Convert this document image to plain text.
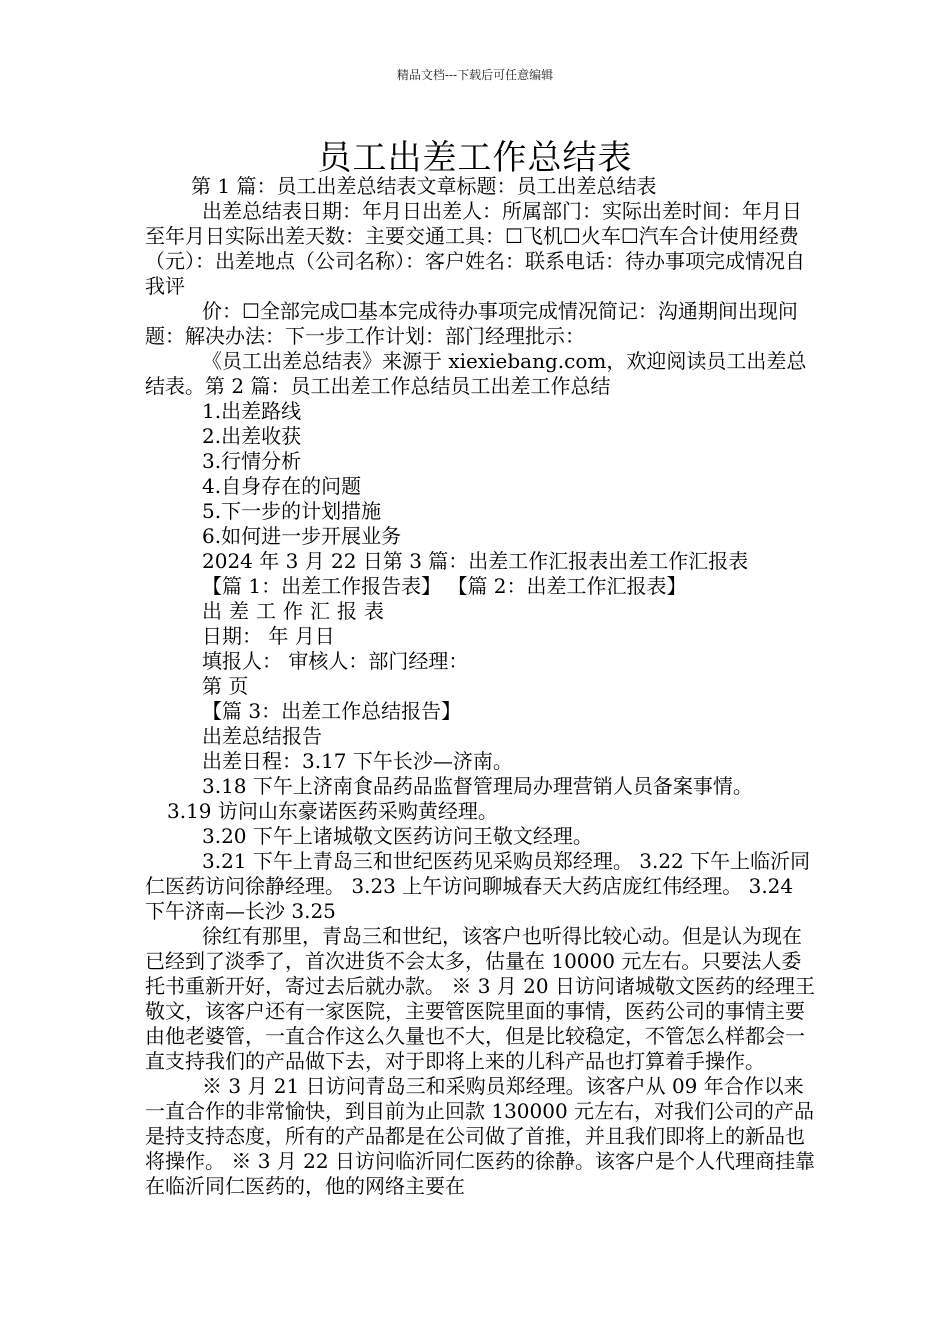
精品文档---下载后可任意编辑
员工出差工作总结表

第 1 篇：员工出差总结表文章标题：员工出差总结表

出差总结表日期：年月日出差人：所属部门：实际出差时间：年月日至年月日实际出差天数：主要交通工具：☐飞机☐火车☐汽车合计使用经费（元）：出差地点（公司名称）：客户姓名：联系电话：待办事项完成情况自我评

价：☐全部完成☐基本完成待办事项完成情况简记：沟通期间出现问题：解决办法：下一步工作计划：部门经理批示：

《员工出差总结表》来源于 xiexiebang.com，欢迎阅读员工出差总结表。第 2 篇：员工出差工作总结员工出差工作总结

1.出差路线

2.出差收获

3.行情分析

4.自身存在的问题

5.下一步的计划措施

6.如何进一步开展业务

2024 年 3 月 22 日第 3 篇：出差工作汇报表出差工作汇报表

【篇 1：出差工作报告表】 【篇 2：出差工作汇报表】

出差工作汇报表

日期： 年 月日

填报人： 审核人：部门经理：

第 页

【篇 3：出差工作总结报告】

出差总结报告

出差日程：3.17 下午长沙—济南。

3.18 下午上济南食品药品监督管理局办理营销人员备案事情。

3.19 访问山东豪诺医药采购黄经理。

3.20 下午上诸城敬文医药访问王敬文经理。

3.21 下午上青岛三和世纪医药见采购员郑经理。 3.22 下午上临沂同仁医药访问徐静经理。 3.23 上午访问聊城春天大药店庞红伟经理。 3.24 下午济南—长沙 3.25

徐红有那里，青岛三和世纪，该客户也听得比较心动。但是认为现在已经到了淡季了，首次进货不会太多，估量在 10000 元左右。只要法人委托书重新开好，寄过去后就办款。 ※ 3 月 20 日访问诸城敬文医药的经理王敬文，该客户还有一家医院，主要管医院里面的事情，医药公司的事情主要由他老婆管，一直合作这么久量也不大，但是比较稳定，不管怎么样都会一直支持我们的产品做下去，对于即将上来的儿科产品也打算着手操作。

※ 3 月 21 日访问青岛三和采购员郑经理。该客户从 09 年合作以来一直合作的非常愉快，到目前为止回款 130000 元左右，对我们公司的产品是持支持态度，所有的产品都是在公司做了首推，并且我们即将上的新品也将操作。 ※ 3 月 22 日访问临沂同仁医药的徐静。该客户是个人代理商挂靠在临沂同仁医药的，他的网络主要在
